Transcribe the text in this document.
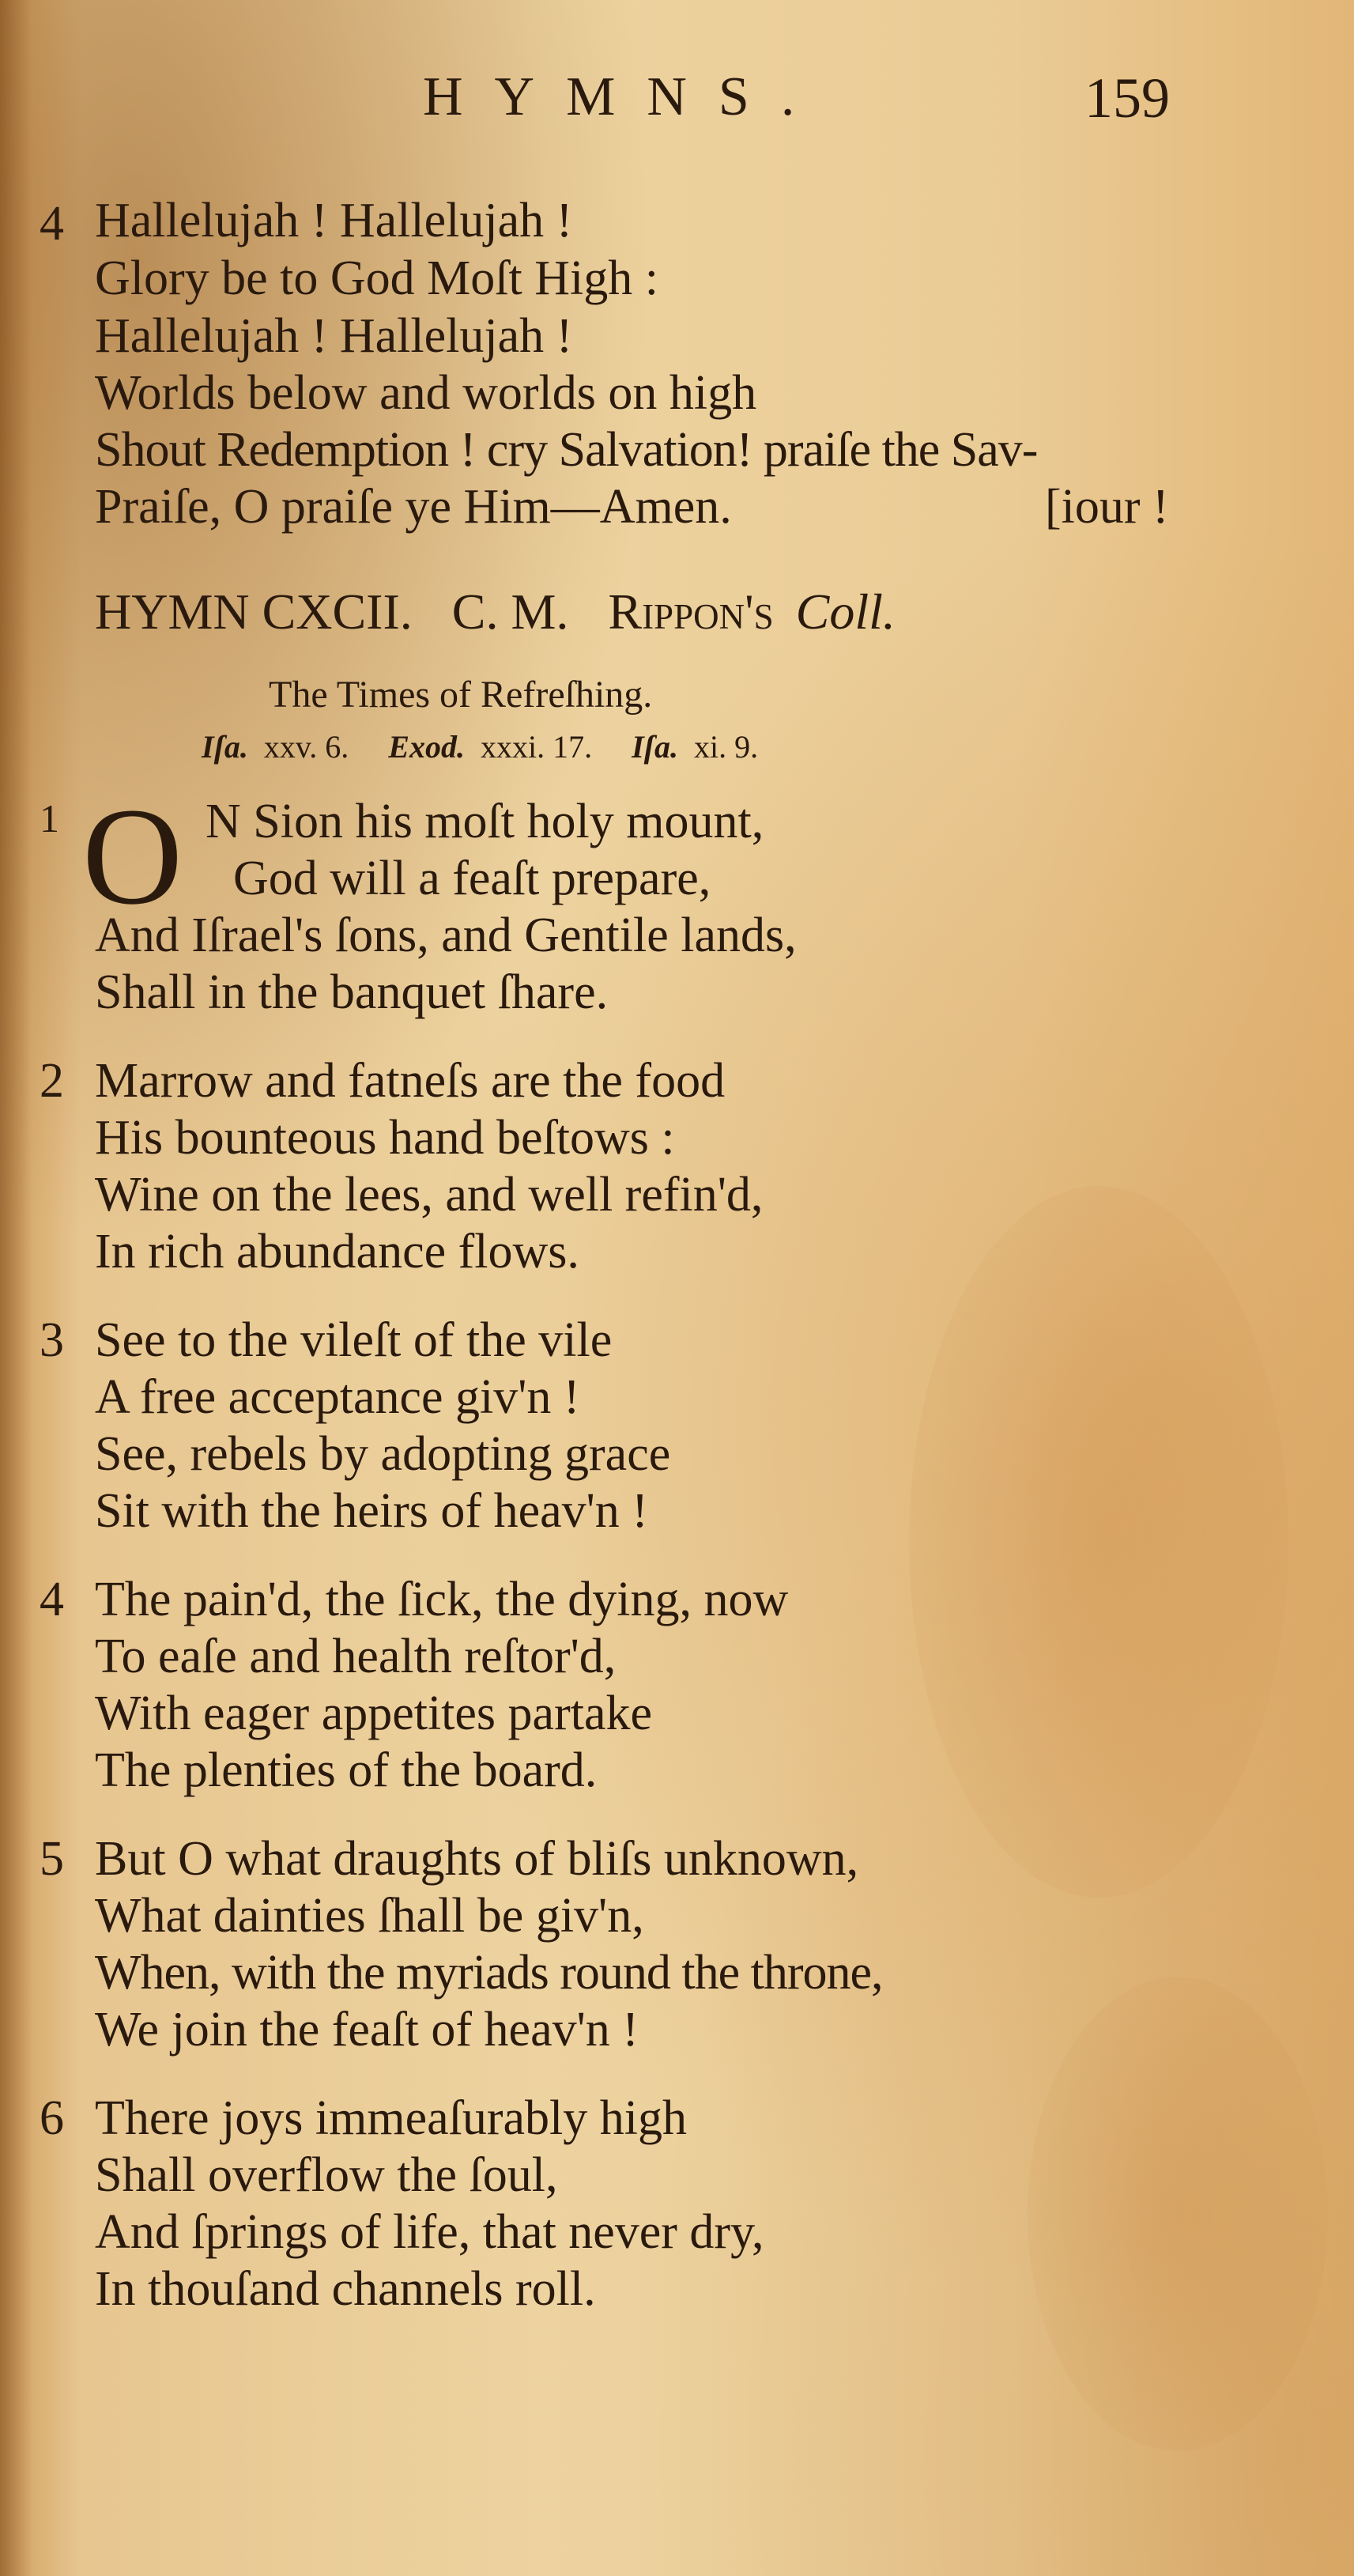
HYMNS.	159
4 Hallelujah ! Hallelujah !
Glory be to God Moſt High :
Hallelujah ! Hallelujah !
Worlds below and worlds on high
Shout Redemption ! cry Salvation! praiſe the Sav-
Praiſe, O praiſe ye Him—Amen.	[iour !
HYMN CXCII. C. M. Rippon's Coll.
The Times of Refreſhing.
Iſa. xxv. 6. Exod. xxxi. 17. Iſa. xi. 9.
1 O N Sion his moſt holy mount,
God will a feaſt prepare,
And Iſrael's ſons, and Gentile lands,
Shall in the banquet ſhare.
2 Marrow and fatneſs are the food
His bounteous hand beſtows :
Wine on the lees, and well refin'd,
In rich abundance flows.
3 See to the vileſt of the vile
A free acceptance giv'n !
See, rebels by adopting grace
Sit with the heirs of heav'n !
4 The pain'd, the ſick, the dying, now
To eaſe and health reſtor'd,
With eager appetites partake
The plenties of the board.
5 But O what draughts of bliſs unknown,
What dainties ſhall be giv'n,
When, with the myriads round the throne,
We join the feaſt of heav'n !
6 There joys immeaſurably high
Shall overflow the ſoul,
And ſprings of life, that never dry,
In thouſand channels roll.
